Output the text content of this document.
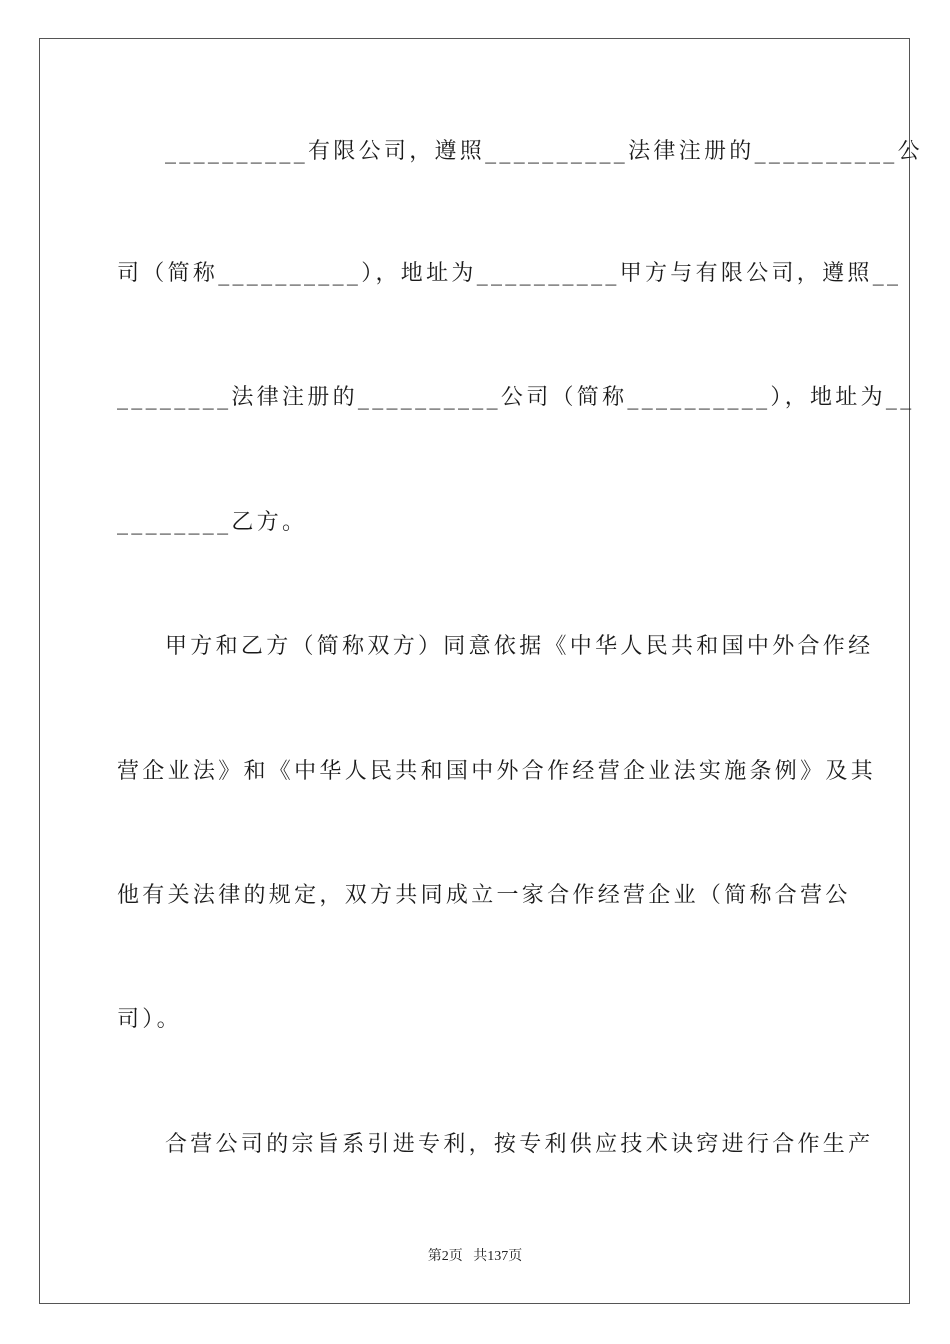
__________有限公司，遵照__________法律注册的__________公
司（简称__________），地址为__________甲方与有限公司，遵照__
________法律注册的__________公司（简称__________），地址为__
________乙方。
甲方和乙方（简称双方）同意依据《中华人民共和国中外合作经
营企业法》和《中华人民共和国中外合作经营企业法实施条例》及其
他有关法律的规定，双方共同成立一家合作经营企业（简称合营公
司）。
合营公司的宗旨系引进专利，按专利供应技术诀窍进行合作生产
第2页   共137页
